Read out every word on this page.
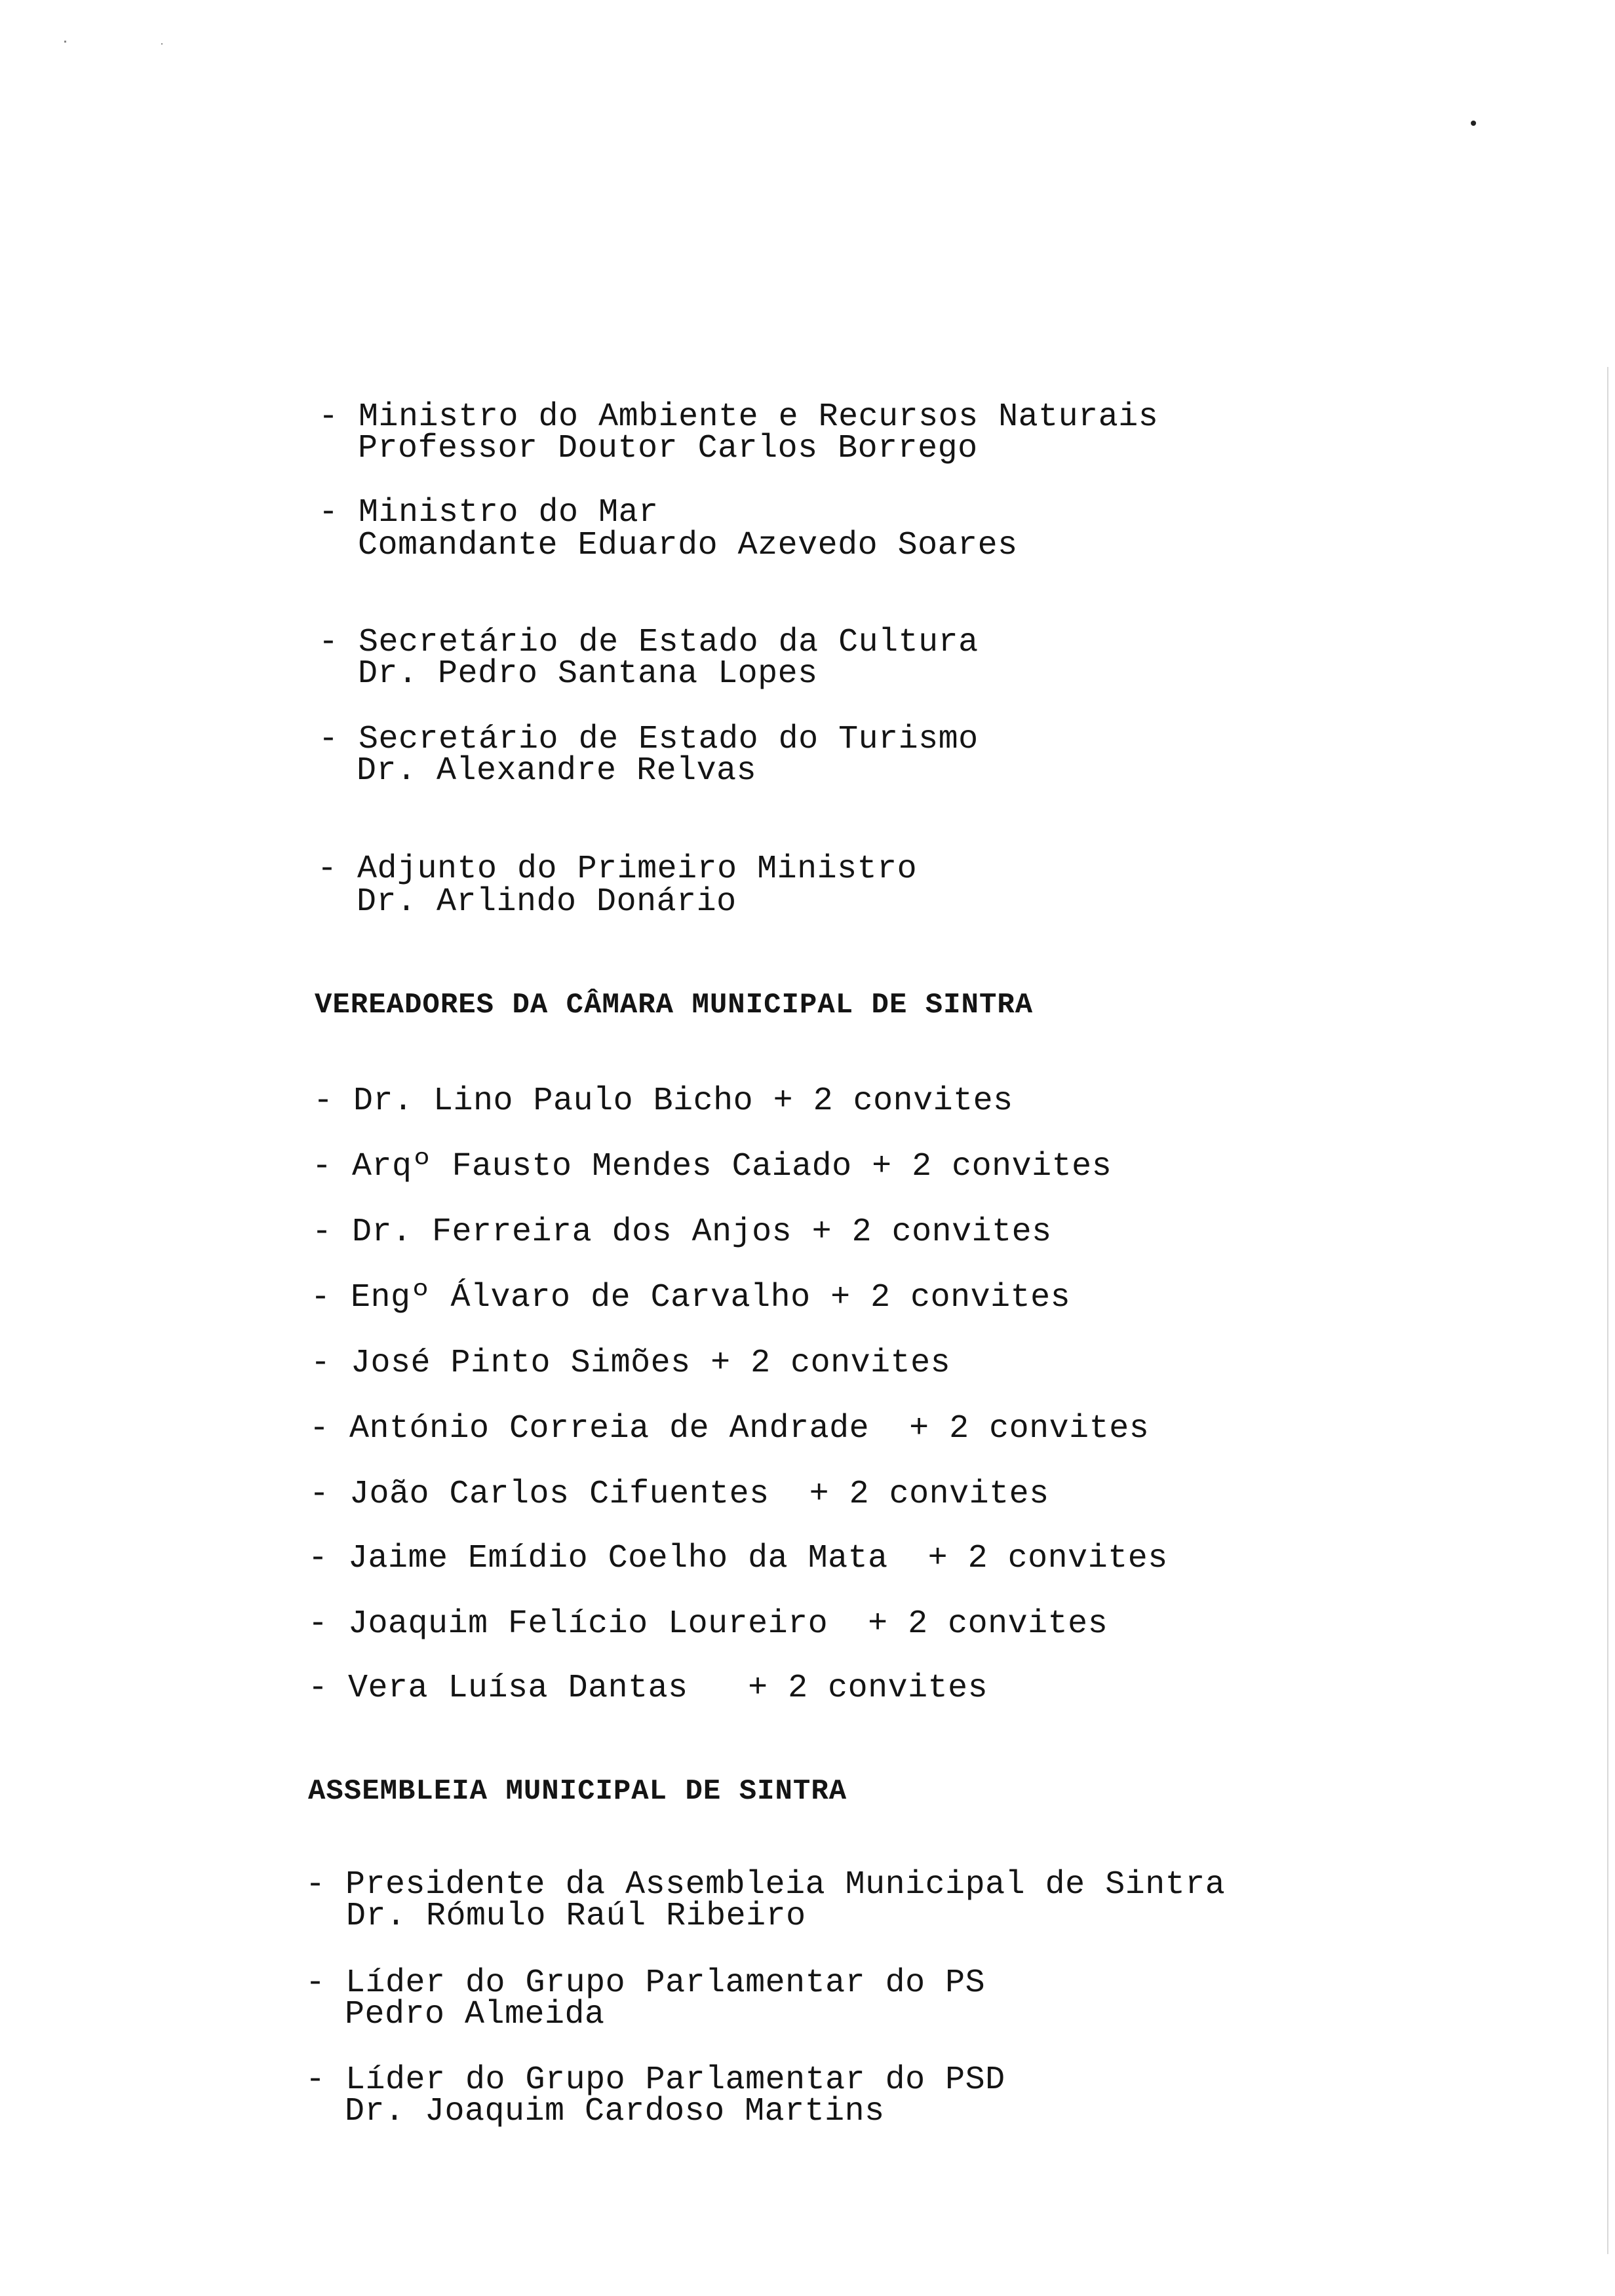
- Ministro do Ambiente e Recursos Naturais
Professor Doutor Carlos Borrego
- Ministro do Mar
Comandante Eduardo Azevedo Soares
- Secretário de Estado da Cultura
Dr. Pedro Santana Lopes
- Secretário de Estado do Turismo
Dr. Alexandre Relvas
- Adjunto do Primeiro Ministro
Dr. Arlindo Donário
VEREADORES DA CÂMARA MUNICIPAL DE SINTRA
- Dr. Lino Paulo Bicho + 2 convites
- Arqº Fausto Mendes Caiado + 2 convites
- Dr. Ferreira dos Anjos + 2 convites
- Engº Álvaro de Carvalho + 2 convites
- José Pinto Simões + 2 convites
- António Correia de Andrade  + 2 convites
- João Carlos Cifuentes  + 2 convites
- Jaime Emídio Coelho da Mata  + 2 convites
- Joaquim Felício Loureiro  + 2 convites
- Vera Luísa Dantas   + 2 convites
ASSEMBLEIA MUNICIPAL DE SINTRA
- Presidente da Assembleia Municipal de Sintra
Dr. Rómulo Raúl Ribeiro
- Líder do Grupo Parlamentar do PS
Pedro Almeida
- Líder do Grupo Parlamentar do PSD
Dr. Joaquim Cardoso Martins
